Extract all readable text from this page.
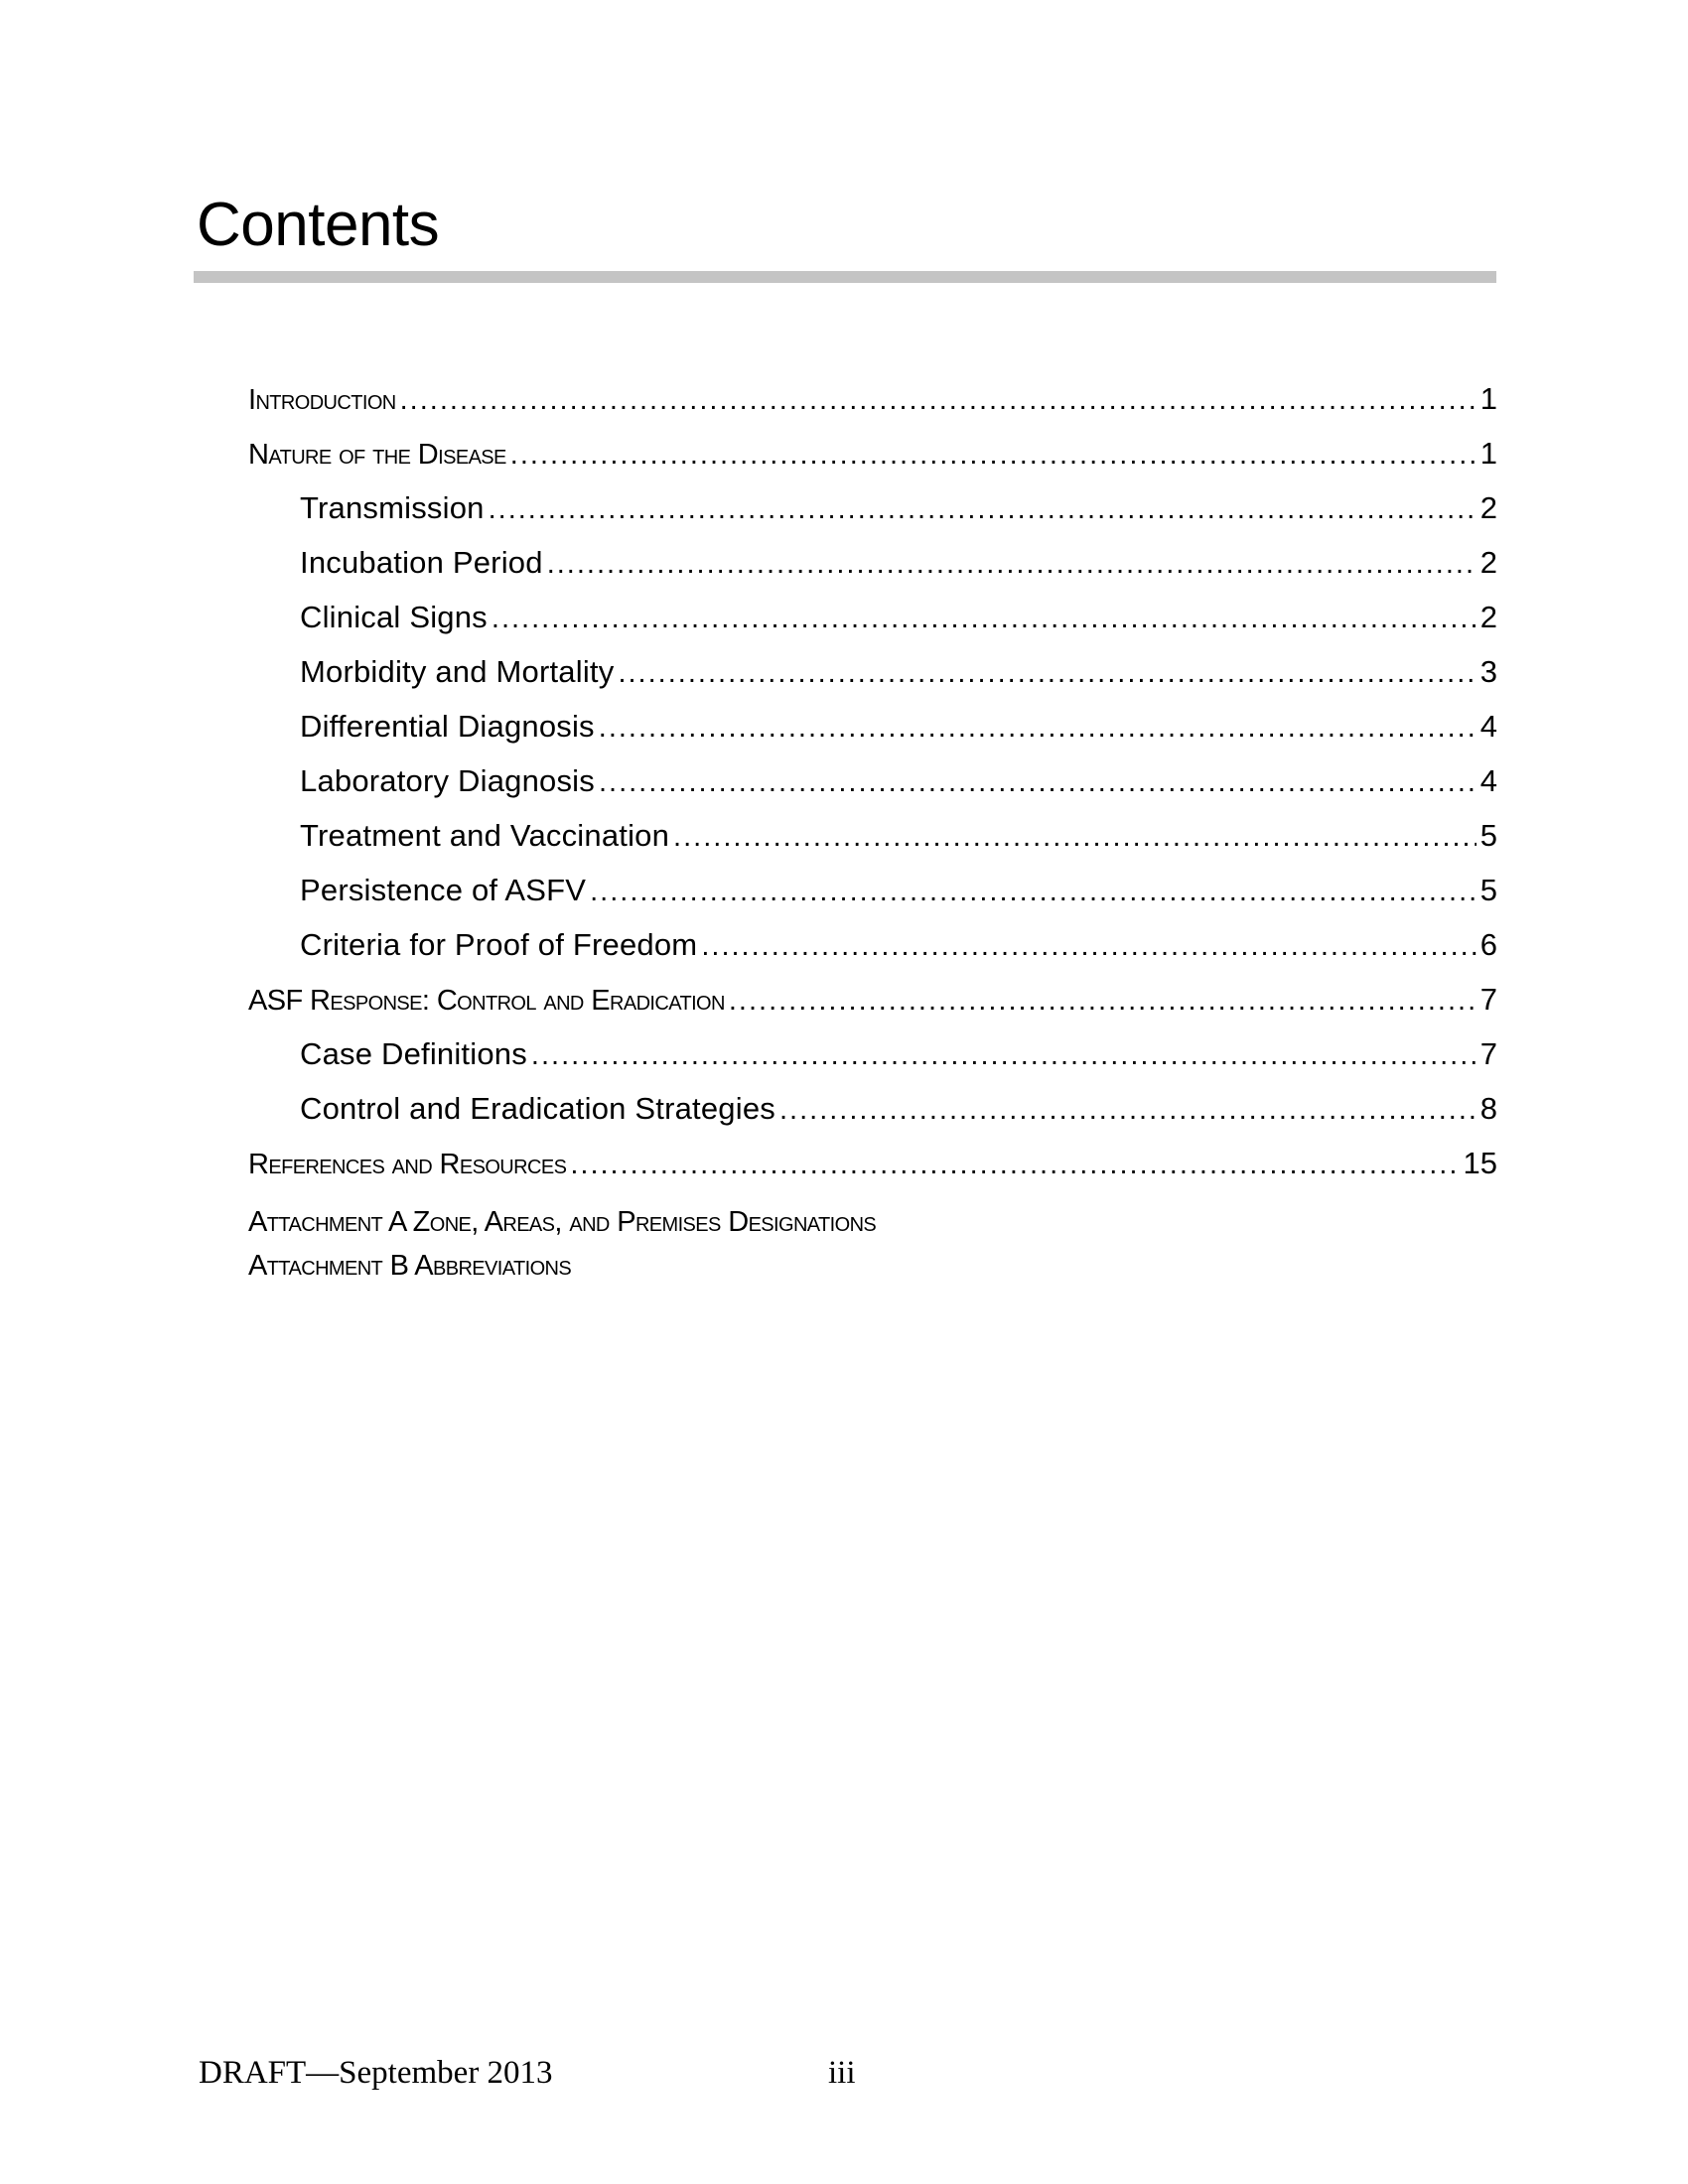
Contents
Introduction .....	1
Nature of the Disease .....	1
Transmission .....	2
Incubation Period .....	2
Clinical Signs .....	2
Morbidity and Mortality .....	3
Differential Diagnosis .....	4
Laboratory Diagnosis .....	4
Treatment and Vaccination .....	5
Persistence of ASFV .....	5
Criteria for Proof of Freedom .....	6
ASF Response: Control and Eradication .....	7
Case Definitions .....	7
Control and Eradication Strategies .....	8
References and Resources .....	15
Attachment A Zone, Areas, and Premises Designations
Attachment B Abbreviations
DRAFT—September 2013	iii
